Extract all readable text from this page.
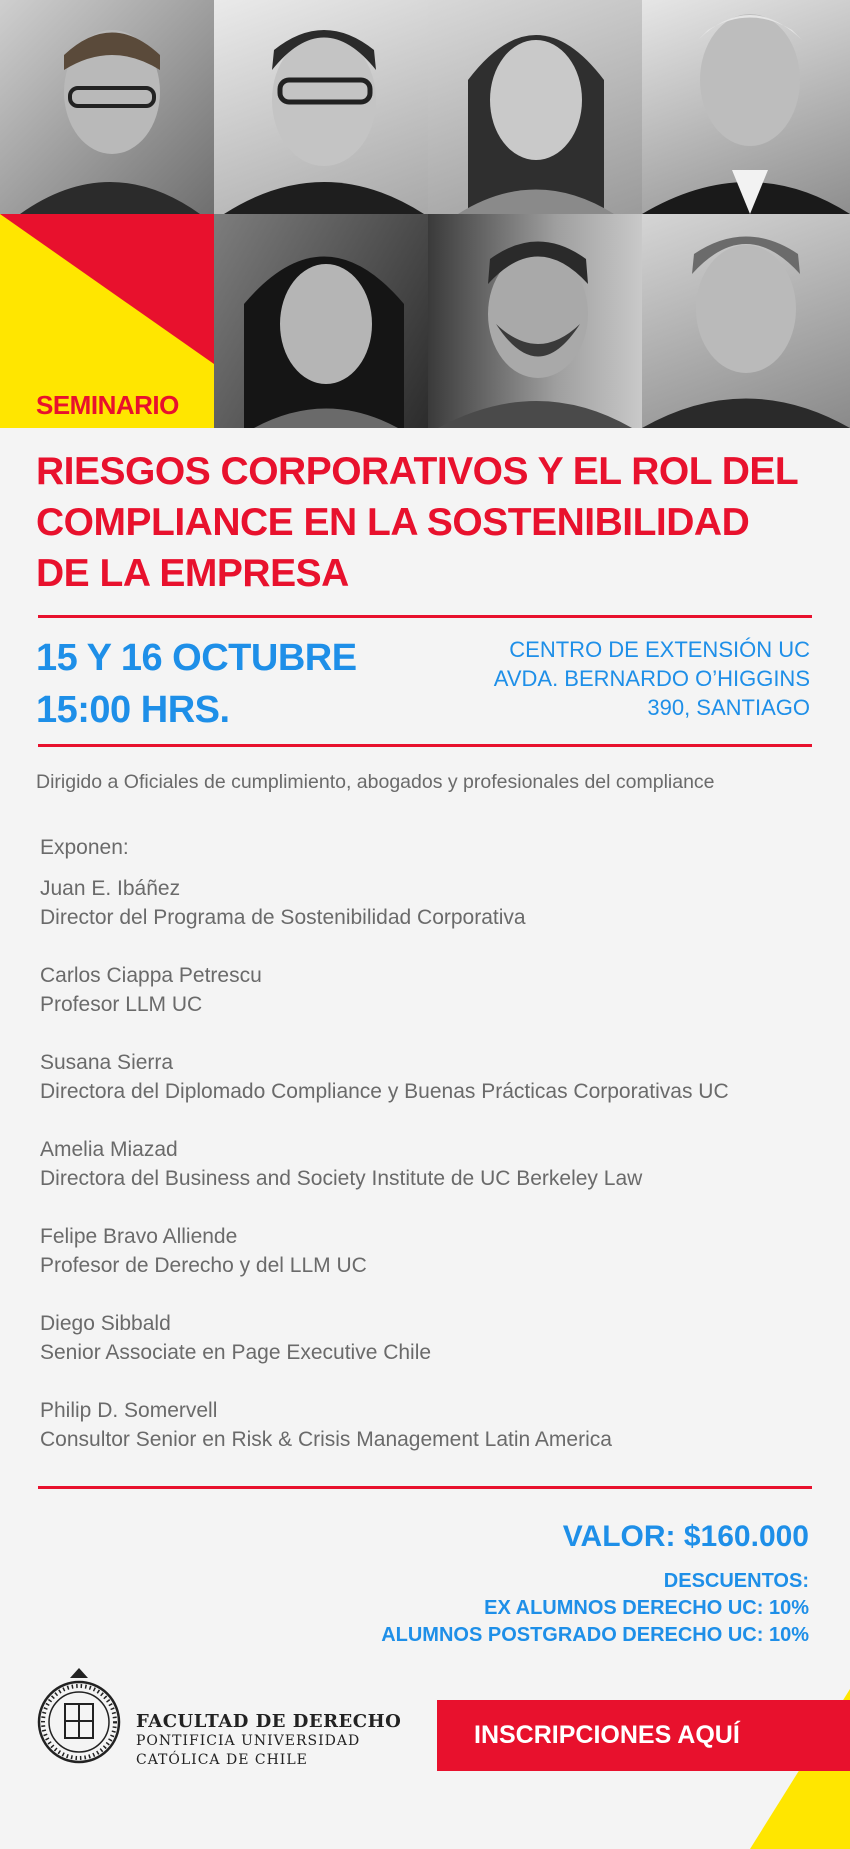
SEMINARIO
RIESGOS CORPORATIVOS Y EL ROL DEL
COMPLIANCE EN LA SOSTENIBILIDAD
DE LA EMPRESA
15 Y 16 OCTUBRE
15:00 HRS.
CENTRO DE EXTENSIÓN UC
AVDA. BERNARDO O’HIGGINS
390, SANTIAGO
Dirigido a Oficiales de cumplimiento, abogados y profesionales del compliance
Exponen:
Juan E. Ibáñez
Director del Programa de Sostenibilidad Corporativa
Carlos Ciappa Petrescu
Profesor LLM UC
Susana Sierra
Directora del Diplomado Compliance y Buenas Prácticas Corporativas UC
Amelia Miazad
Directora del Business and Society Institute de UC Berkeley Law
Felipe Bravo Alliende
Profesor de Derecho y del LLM UC
Diego Sibbald
Senior Associate en Page Executive Chile
Philip D. Somervell
Consultor Senior en Risk & Crisis Management Latin America
VALOR: $160.000
DESCUENTOS:
EX ALUMNOS DERECHO UC: 10%
ALUMNOS POSTGRADO DERECHO UC: 10%
FACULTAD DE DERECHO
PONTIFICIA UNIVERSIDAD
CATÓLICA DE CHILE
INSCRIPCIONES AQUÍ
